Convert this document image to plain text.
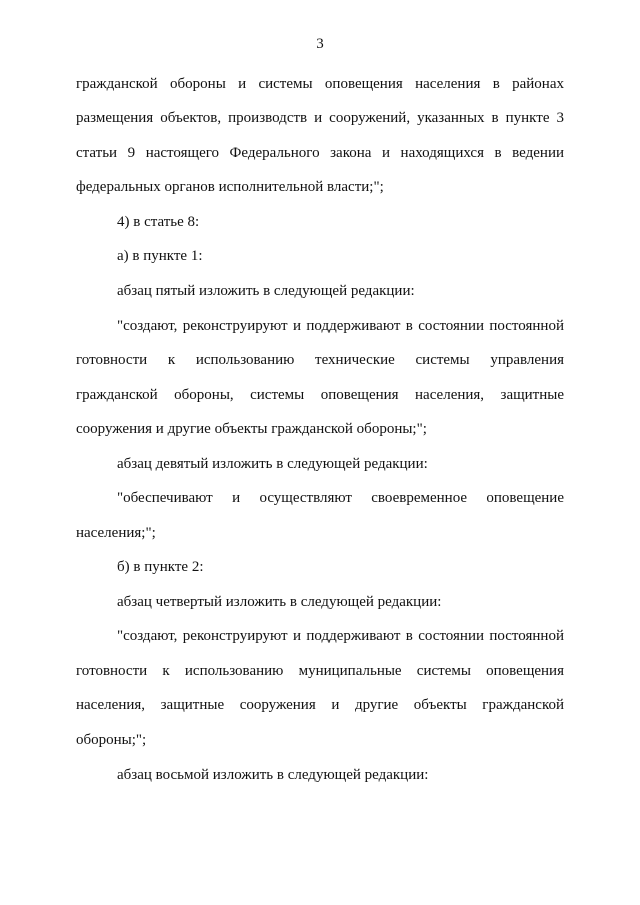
3
гражданской обороны и системы оповещения населения в районах
размещения объектов, производств и сооружений, указанных в пункте 3
статьи 9 настоящего Федерального закона и находящихся в ведении
федеральных органов исполнительной власти;";
4) в статье 8:
а) в пункте 1:
абзац пятый изложить в следующей редакции:
"создают, реконструируют и поддерживают в состоянии постоянной
готовности к использованию технические системы управления
гражданской обороны, системы оповещения населения, защитные
сооружения и другие объекты гражданской обороны;";
абзац девятый изложить в следующей редакции:
"обеспечивают и осуществляют своевременное оповещение
населения;";
б) в пункте 2:
абзац четвертый изложить в следующей редакции:
"создают, реконструируют и поддерживают в состоянии постоянной
готовности к использованию муниципальные системы оповещения
населения, защитные сооружения и другие объекты гражданской
обороны;";
абзац восьмой изложить в следующей редакции:
